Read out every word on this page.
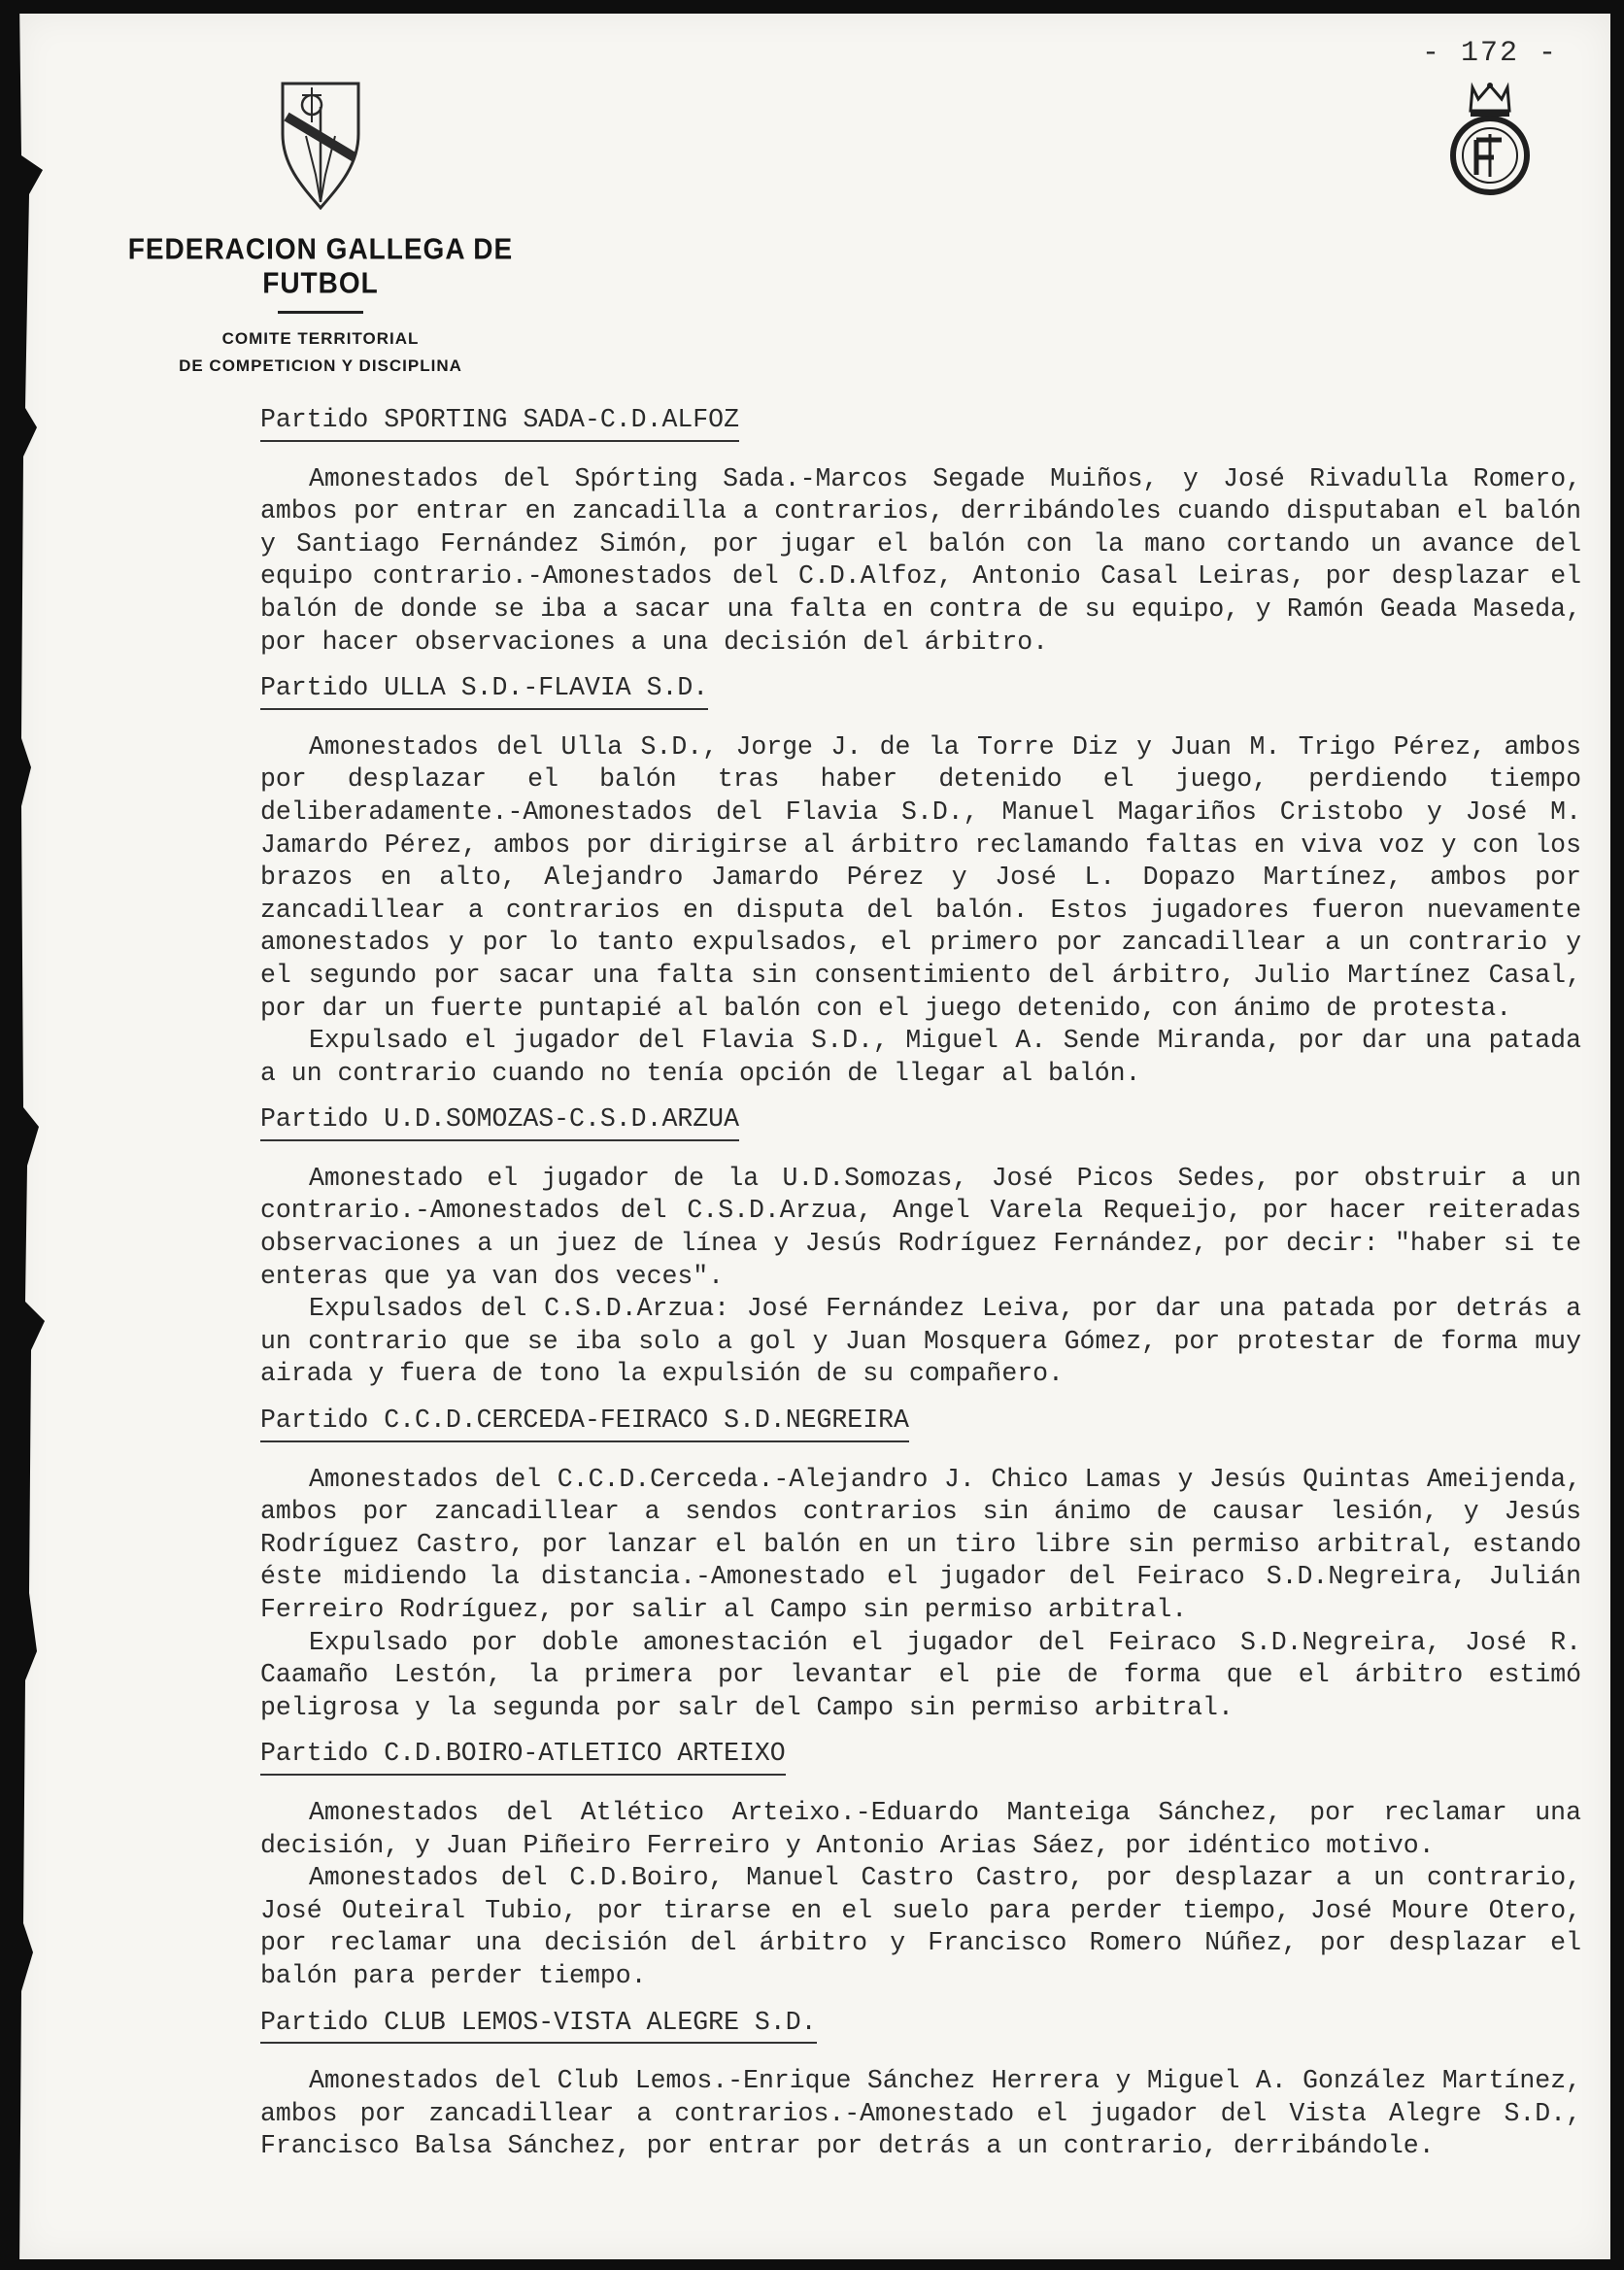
- 172 -
FEDERACION GALLEGA DE FUTBOL
COMITE TERRITORIAL
DE COMPETICION Y DISCIPLINA
Partido SPORTING SADA-C.D.ALFOZ

Amonestados del Spórting Sada.-Marcos Segade Muiños, y José Rivadulla Romero, ambos por entrar en zancadilla a contrarios, derribándoles cuando disputaban el balón y Santiago Fernández Simón, por jugar el balón con la mano cortando un avance del equipo contrario.-Amonestados del C.D.Alfoz, Antonio Casal Leiras, por desplazar el balón de donde se iba a sacar una falta en contra de su equipo, y Ramón Geada Maseda, por hacer observaciones a una decisión del árbitro.

Partido ULLA S.D.-FLAVIA S.D.

Amonestados del Ulla S.D., Jorge J. de la Torre Diz y Juan M. Trigo Pérez, ambos por desplazar el balón tras haber detenido el juego, perdiendo tiempo deliberadamente.-Amonestados del Flavia S.D., Manuel Magariños Cristobo y José M. Jamardo Pérez, ambos por dirigirse al árbitro reclamando faltas en viva voz y con los brazos en alto, Alejandro Jamardo Pérez y José L. Dopazo Martínez, ambos por zancadillear a contrarios en disputa del balón. Estos jugadores fueron nuevamente amonestados y por lo tanto expulsados, el primero por zancadillear a un contrario y el segundo por sacar una falta sin consentimiento del árbitro, Julio Martínez Casal, por dar un fuerte puntapié al balón con el juego detenido, con ánimo de protesta.

Expulsado el jugador del Flavia S.D., Miguel A. Sende Miranda, por dar una patada a un contrario cuando no tenía opción de llegar al balón.

Partido U.D.SOMOZAS-C.S.D.ARZUA

Amonestado el jugador de la U.D.Somozas, José Picos Sedes, por obstruir a un contrario.-Amonestados del C.S.D.Arzua, Angel Varela Requeijo, por hacer reiteradas observaciones a un juez de línea y Jesús Rodríguez Fernández, por decir: "haber si te enteras que ya van dos veces".

Expulsados del C.S.D.Arzua: José Fernández Leiva, por dar una patada por detrás a un contrario que se iba solo a gol y Juan Mosquera Gómez, por protestar de forma muy airada y fuera de tono la expulsión de su compañero.

Partido C.C.D.CERCEDA-FEIRACO S.D.NEGREIRA

Amonestados del C.C.D.Cerceda.-Alejandro J. Chico Lamas y Jesús Quintas Ameijenda, ambos por zancadillear a sendos contrarios sin ánimo de causar lesión, y Jesús Rodríguez Castro, por lanzar el balón en un tiro libre sin permiso arbitral, estando éste midiendo la distancia.-Amonestado el jugador del Feiraco S.D.Negreira, Julián Ferreiro Rodríguez, por salir al Campo sin permiso arbitral.

Expulsado por doble amonestación el jugador del Feiraco S.D.Negreira, José R. Caamaño Lestón, la primera por levantar el pie de forma que el árbitro estimó peligrosa y la segunda por salr del Campo sin permiso arbitral.

Partido C.D.BOIRO-ATLETICO ARTEIXO

Amonestados del Atlético Arteixo.-Eduardo Manteiga Sánchez, por reclamar una decisión, y Juan Piñeiro Ferreiro y Antonio Arias Sáez, por idéntico motivo.

Amonestados del C.D.Boiro, Manuel Castro Castro, por desplazar a un contrario, José Outeiral Tubio, por tirarse en el suelo para perder tiempo, José Moure Otero, por reclamar una decisión del árbitro y Francisco Romero Núñez, por desplazar el balón para perder tiempo.

Partido CLUB LEMOS-VISTA ALEGRE S.D.

Amonestados del Club Lemos.-Enrique Sánchez Herrera y Miguel A. González Martínez, ambos por zancadillear a contrarios.-Amonestado el jugador del Vista Alegre S.D., Francisco Balsa Sánchez, por entrar por detrás a un contrario, derribándole.
